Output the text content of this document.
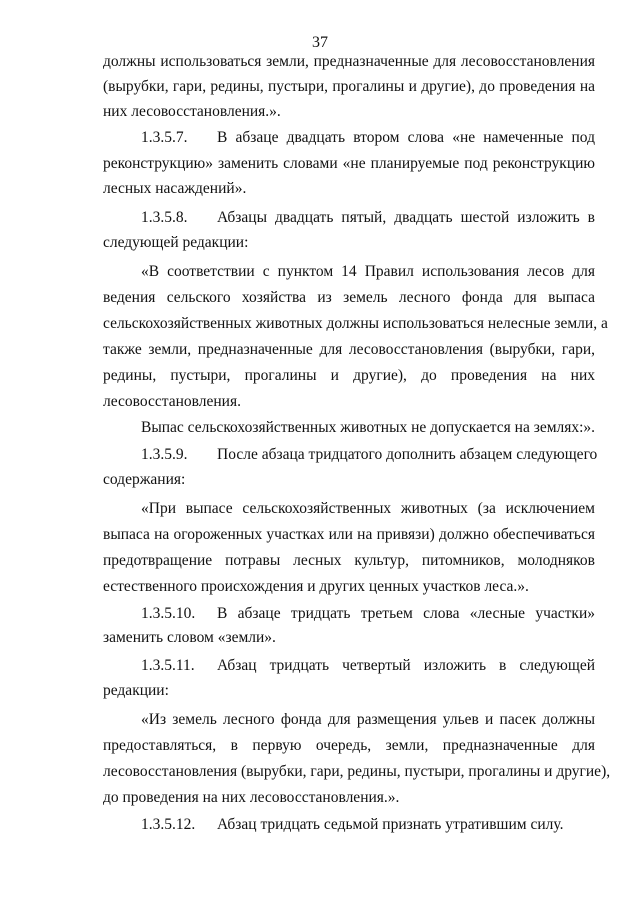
37
должны использоваться земли, предназначенные для лесовосстановления
(вырубки, гари, редины, пустыри, прогалины и другие), до проведения на
них лесовосстановления.».
1.3.5.7.	В абзаце двадцать втором слова «не намеченные под
реконструкцию» заменить словами «не планируемые под реконструкцию
лесных насаждений».
1.3.5.8.	Абзацы двадцать пятый, двадцать шестой изложить в
следующей редакции:
«В соответствии с пунктом 14 Правил использования лесов для
ведения сельского хозяйства из земель лесного фонда для выпаса
сельскохозяйственных животных должны использоваться нелесные земли, а
также земли, предназначенные для лесовосстановления (вырубки, гари,
редины, пустыри, прогалины и другие), до проведения на них
лесовосстановления.
Выпас сельскохозяйственных животных не допускается на землях:».
1.3.5.9.	После абзаца тридцатого дополнить абзацем следующего
содержания:
«При выпасе сельскохозяйственных животных (за исключением
выпаса на огороженных участках или на привязи) должно обеспечиваться
предотвращение потравы лесных культур, питомников, молодняков
естественного происхождения и других ценных участков леса.».
1.3.5.10.	В абзаце тридцать третьем слова «лесные участки»
заменить словом «земли».
1.3.5.11.	Абзац тридцать четвертый изложить в следующей
редакции:
«Из земель лесного фонда для размещения ульев и пасек должны
предоставляться, в первую очередь, земли, предназначенные для
лесовосстановления (вырубки, гари, редины, пустыри, прогалины и другие),
до проведения на них лесовосстановления.».
1.3.5.12.	Абзац тридцать седьмой признать утратившим силу.
